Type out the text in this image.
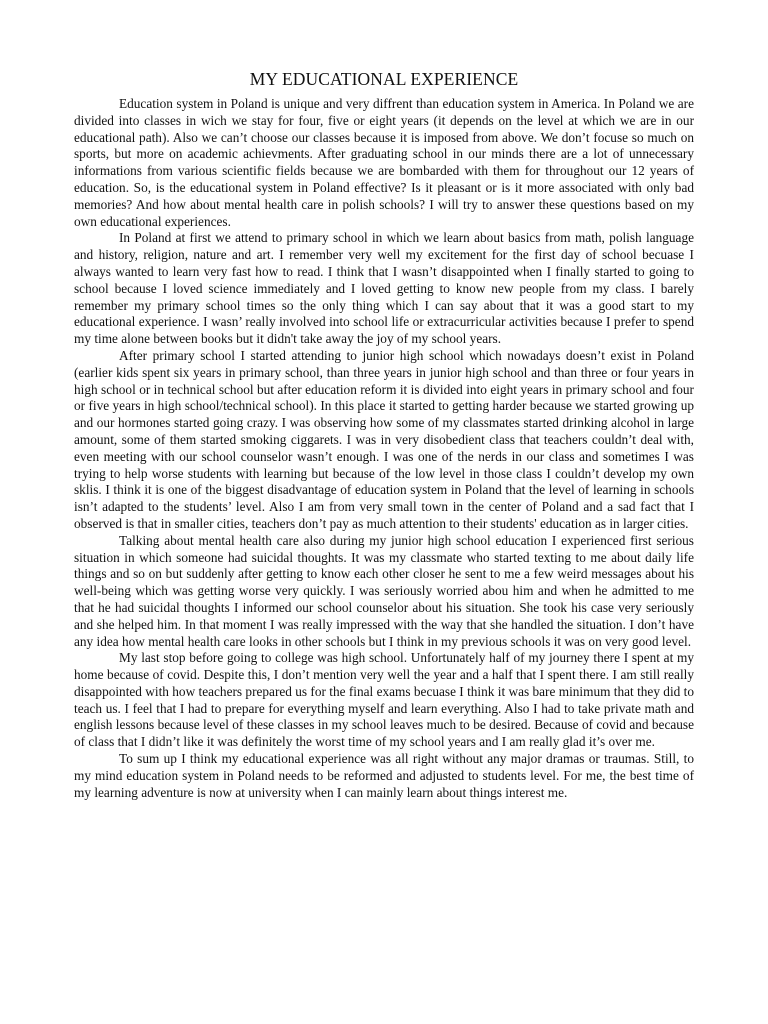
MY EDUCATIONAL EXPERIENCE

Education system in Poland is unique and very diffrent than education system in America. In Poland we are divided into classes in wich we stay for four, five or eight years (it depends on the level at which we are in our educational path). Also we can’t choose our classes because it is imposed from above. We don’t focuse so much on sports, but more on academic achievments. After graduating school in our minds there are a lot of unnecessary informations from various scientific fields because we are bombarded with them for throughout our 12 years of education. So, is the educational system in Poland effective? Is it pleasant or is it more associated with only bad memories? And how about mental health care in polish schools? I will try to answer these questions based on my own educational experiences.

In Poland at first we attend to primary school in which we learn about basics from math, polish language and history, religion, nature and art. I remember very well my excitement for the first day of school becuase I always wanted to learn very fast how to read. I think that I wasn’t disappointed when I finally started to going to school because I loved science immediately and I loved getting to know new people from my class. I barely remember my primary school times so the only thing which I can say about that it was a good start to my educational experience. I wasn’ really involved into school life or extracurricular activities because I prefer to spend my time alone between books but it didn't take away the joy of my school years.

After primary school I started attending to junior high school which nowadays doesn’t exist in Poland (earlier kids spent six years in primary school, than three years in junior high school and than three or four years in high school or in technical school but after education reform it is divided into eight years in primary school and four or five years in high school/technical school). In this place it started to getting harder because we started growing up and our hormones started going crazy. I was observing how some of my classmates started drinking alcohol in large amount, some of them started smoking ciggarets. I was in very disobedient class that teachers couldn’t deal with, even meeting with our school counselor wasn’t enough. I was one of the nerds in our class and sometimes I was trying to help worse students with learning but because of the low level in those class I couldn’t develop my own sklis. I think it is one of the biggest disadvantage of education system in Poland that the level of learning in schools isn’t adapted to the students’ level. Also I am from very small town in the center of Poland and a sad fact that I observed is that in smaller cities, teachers don’t pay as much attention to their students' education as in larger cities.

Talking about mental health care also during my junior high school education I experienced first serious situation in which someone had suicidal thoughts. It was my classmate who started texting to me about daily life things and so on but suddenly after getting to know each other closer he sent to me a few weird messages about his well-being which was getting worse very quickly. I was seriously worried abou him and when he admitted to me that he had suicidal thoughts I informed our school counselor about his situation. She took his case very seriously and she helped him. In that moment I was really impressed with the way that she handled the situation. I don’t have any idea how mental health care looks in other schools but I think in my previous schools it was on very good level.

My last stop before going to college was high school. Unfortunately half of my journey there I spent at my home because of covid. Despite this, I don’t mention very well the year and a half that I spent there. I am still really disappointed with how teachers prepared us for the final exams becuase I think it was bare minimum that they did to teach us. I feel that I had to prepare for everything myself and learn everything. Also I had to take private math and english lessons because level of these classes in my school leaves much to be desired. Because of covid and because of class that I didn’t like it was definitely the worst time of my school years and I am really glad it’s over me.

To sum up I think my educational experience was all right without any major dramas or traumas. Still, to my mind education system in Poland needs to be reformed and adjusted to students level. For me, the best time of my learning adventure is now at university when I can mainly learn about things interest me.
